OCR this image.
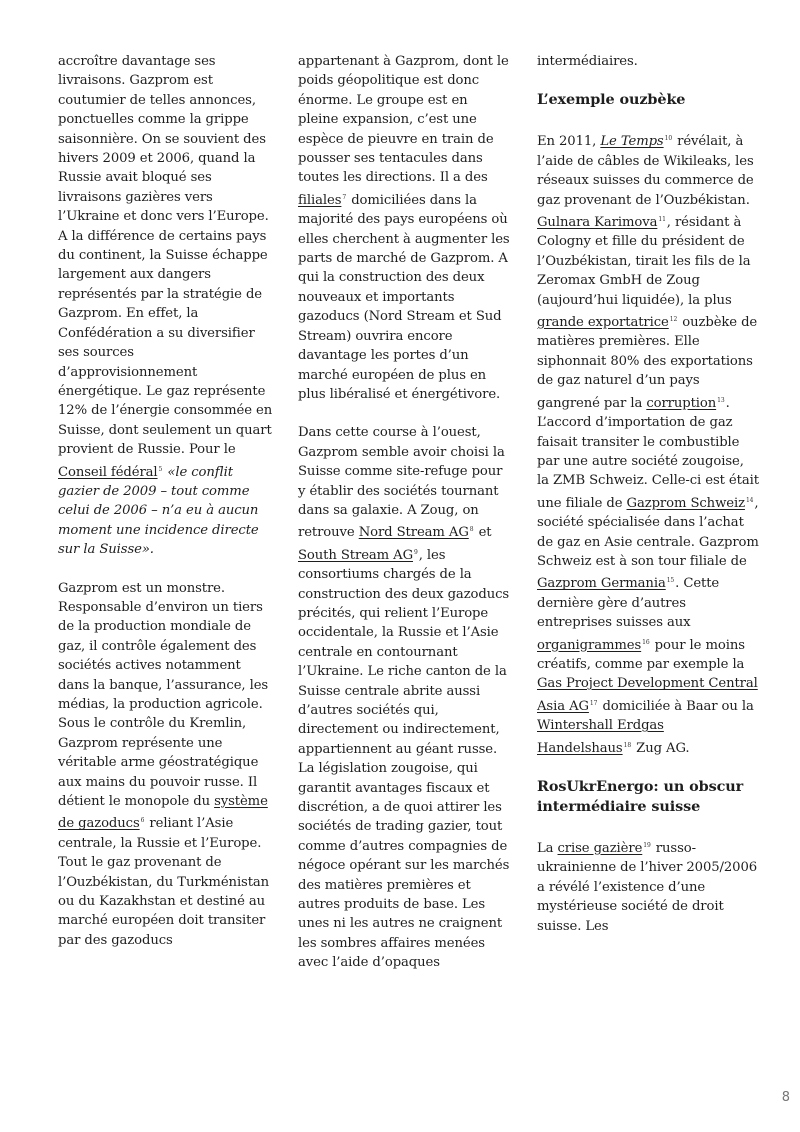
accroître davantage ses livraisons. Gazprom est coutumier de telles annonces, ponctuelles comme la grippe saisonnière. On se souvient des hivers 2009 et 2006, quand la Russie avait bloqué ses livraisons gazières vers l’Ukraine et donc vers l’Europe. A la différence de certains pays du continent, la Suisse échappe largement aux dangers représentés par la stratégie de Gazprom. En effet, la Confédération a su diversifier ses sources d’approvisionnement énergétique. Le gaz représente 12% de l’énergie consommée en Suisse, dont seulement un quart provient de Russie. Pour le Conseil fédéral$^5$ «le conflit gazier de 2009 – tout comme celui de 2006 – n’a eu à aucun moment une incidence directe sur la Suisse».

Gazprom est un monstre. Responsable d’environ un tiers de la production mondiale de gaz, il contrôle également des sociétés actives notamment dans la banque, l’assurance, les médias, la production agricole. Sous le contrôle du Kremlin, Gazprom représente une véritable arme géostratégique aux mains du pouvoir russe. Il détient le monopole du système de gazoducs$^6$ reliant l’Asie centrale, la Russie et l’Europe. Tout le gaz provenant de l’Ouzbékistan, du Turkménistan ou du Kazakhstan et destiné au marché européen doit transiter par des gazoducs

appartenant à Gazprom, dont le poids géopolitique est donc énorme. Le groupe est en pleine expansion, c’est une espèce de pieuvre en train de pousser ses tentacules dans toutes les directions. Il a des filiales$^7$ domiciliées dans la majorité des pays européens où elles cherchent à augmenter les parts de marché de Gazprom. A qui la construction des deux nouveaux et importants gazoducs (Nord Stream et Sud Stream) ouvrira encore davantage les portes d’un marché européen de plus en plus libéralisé et énergétivore.

Dans cette course à l’ouest, Gazprom semble avoir choisi la Suisse comme site-refuge pour y établir des sociétés tournant dans sa galaxie. A Zoug, on retrouve Nord Stream $AG^8$ et South Stream $AG^9$, les consortiums chargés de la construction des deux gazoducs précités, qui relient l’Europe occidentale, la Russie et l’Asie centrale en contournant l’Ukraine. Le riche canton de la Suisse centrale abrite aussi d’autres sociétés qui, directement ou indirectement, appartiennent au géant russe. La législation zougoise, qui garantit avantages fiscaux et discrétion, a de quoi attirer les sociétés de trading gazier, tout comme d’autres compagnies de négoce opérant sur les marchés des matières premières et autres produits de base. Les unes ni les autres ne craignent les sombres affaires menées avec l’aide d’opaques

intermédiaires.

L’exemple ouzbèke

En 2011, Le Temps$^{10}$ révélait, à l’aide de câbles de Wikileaks, les réseaux suisses du commerce de gaz provenant de l’Ouzbékistan. Gulnara Karimova$^{11}$, résidant à Cologny et fille du président de l’Ouzbékistan, tirait les fils de la Zeromax GmbH de Zoug (aujourd’hui liquidée), la plus grande exportatrice$^{12}$ ouzbèke de matières premières. Elle siphonnait 80% des exportations de gaz naturel d’un pays gangrené par la corruption$^{13}$. L’accord d’importation de gaz faisait transiter le combustible par une autre société zougoise, la ZMB Schweiz. Celle-ci est était une filiale de Gazprom Schweiz$^{14}$, société spécialisée dans l’achat de gaz en Asie centrale. Gazprom Schweiz est à son tour filiale de Gazprom Germania$^{15}$. Cette dernière gère d’autres entreprises suisses aux organigrammes$^{16}$ pour le moins créatifs, comme par exemple la Gas Project Development Central Asia AG$^{17}$ domiciliée à Baar ou la Wintershall Erdgas Handelshaus$^{18}$ Zug AG.

RosUkrEnergo: un obscur intermédiaire suisse

La crise gazière$^{19}$ russo-ukrainienne de l’hiver 2005/2006 a révélé l’existence d’une mystérieuse société de droit suisse. Les

8
